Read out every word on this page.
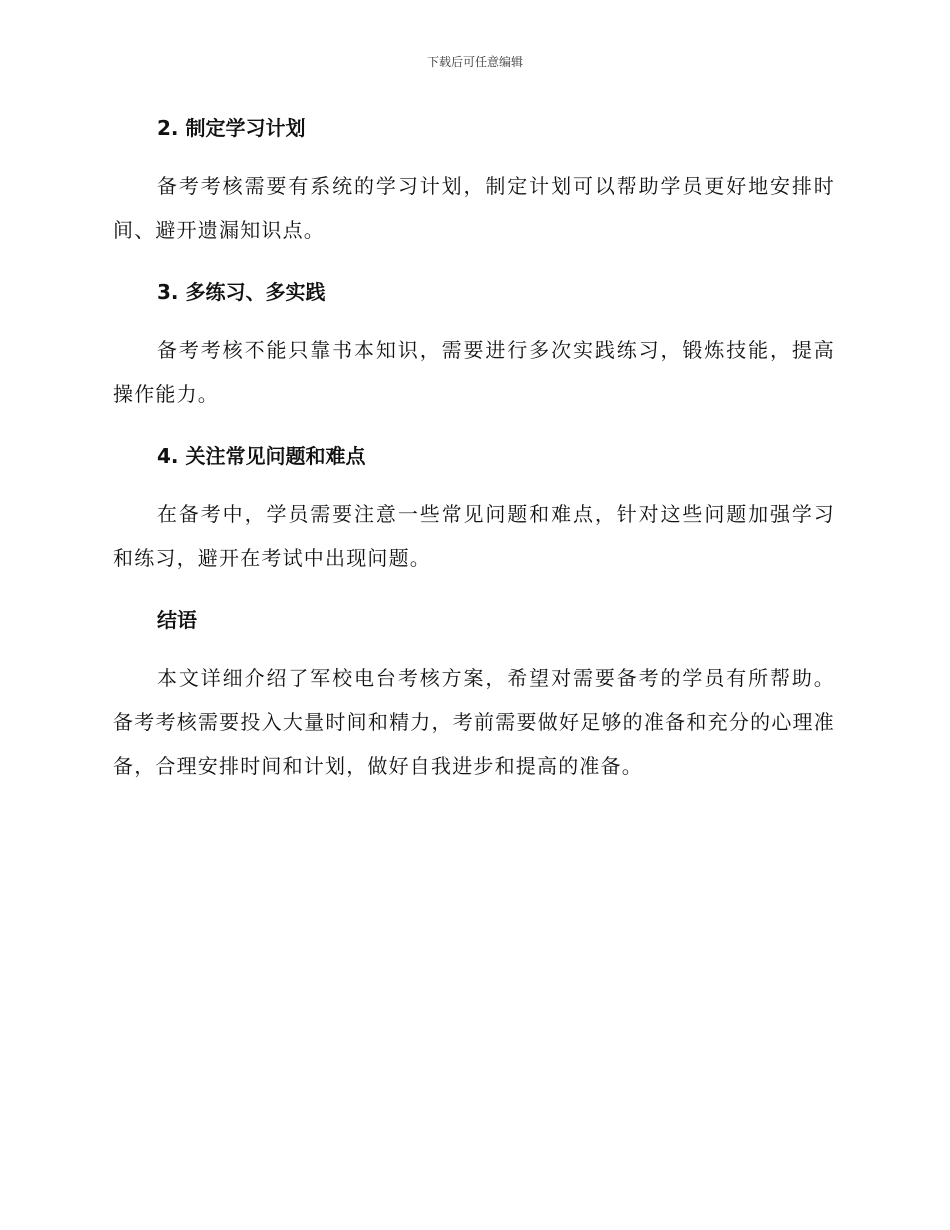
下载后可任意编辑
2. 制定学习计划

备考考核需要有系统的学习计划，制定计划可以帮助学员更好地安排时间、避开遗漏知识点。

3. 多练习、多实践

备考考核不能只靠书本知识，需要进行多次实践练习，锻炼技能，提高操作能力。

4. 关注常见问题和难点

在备考中，学员需要注意一些常见问题和难点，针对这些问题加强学习和练习，避开在考试中出现问题。

结语

本文详细介绍了军校电台考核方案，希望对需要备考的学员有所帮助。备考考核需要投入大量时间和精力，考前需要做好足够的准备和充分的心理准备，合理安排时间和计划，做好自我进步和提高的准备。
